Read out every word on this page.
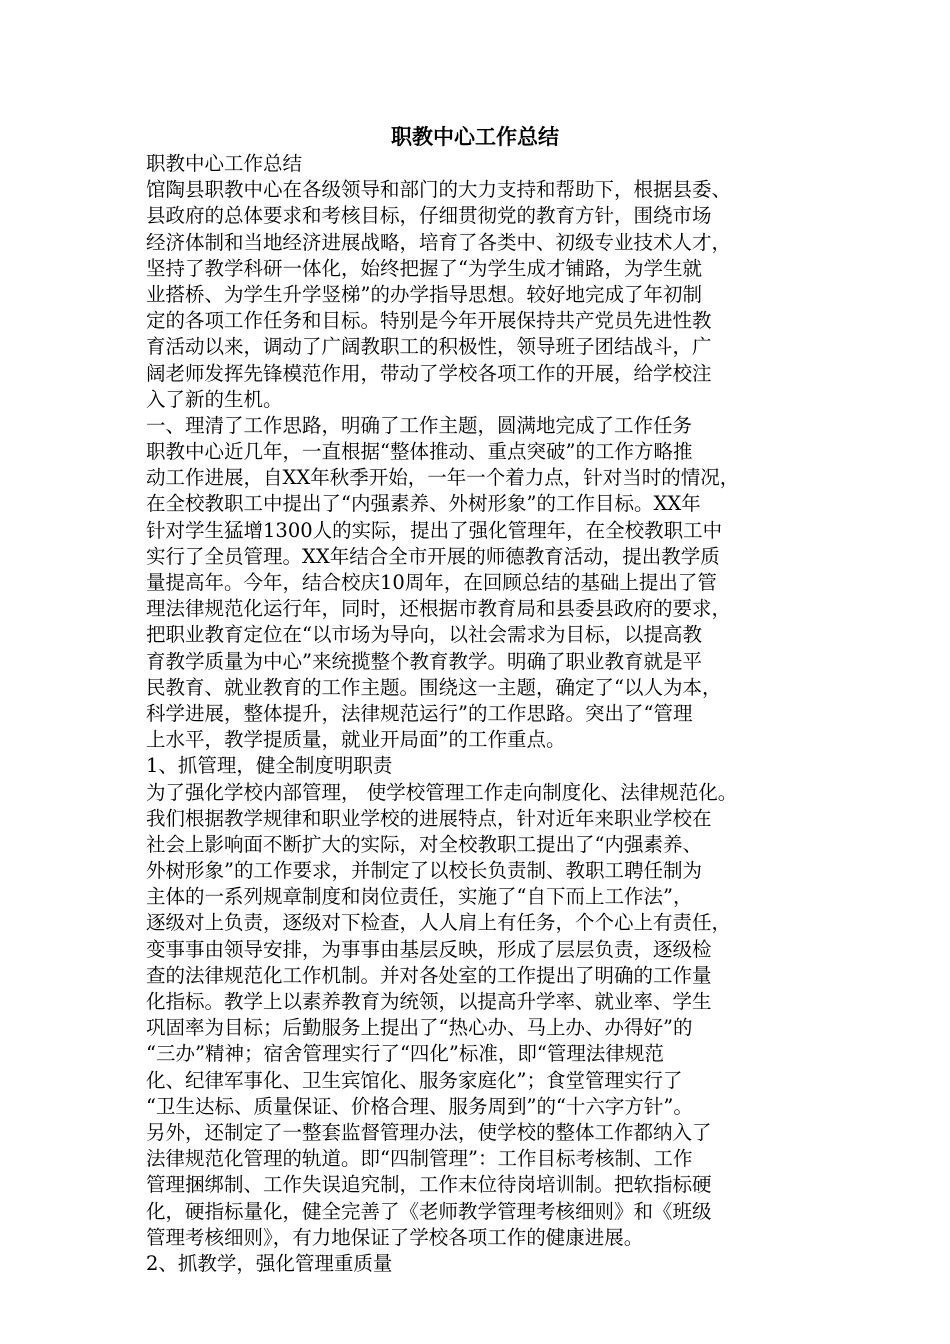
职教中心工作总结
职教中心工作总结
馆陶县职教中心在各级领导和部门的大力支持和帮助下，根据县委、
县政府的总体要求和考核目标，仔细贯彻党的教育方针，围绕市场
经济体制和当地经济进展战略，培育了各类中、初级专业技术人才，
坚持了教学科研一体化，始终把握了“为学生成才铺路，为学生就
业搭桥、为学生升学竖梯”的办学指导思想。较好地完成了年初制
定的各项工作任务和目标。特别是今年开展保持共产党员先进性教
育活动以来，调动了广阔教职工的积极性，领导班子团结战斗，广
阔老师发挥先锋模范作用，带动了学校各项工作的开展，给学校注
入了新的生机。
一、理清了工作思路，明确了工作主题，圆满地完成了工作任务
职教中心近几年，一直根据“整体推动、重点突破”的工作方略推
动工作进展，自XX年秋季开始，一年一个着力点，针对当时的情况，
在全校教职工中提出了“内强素养、外树形象”的工作目标。XX年
针对学生猛增1300人的实际，提出了强化管理年，在全校教职工中
实行了全员管理。XX年结合全市开展的师德教育活动，提出教学质
量提高年。今年，结合校庆10周年，在回顾总结的基础上提出了管
理法律规范化运行年，同时，还根据市教育局和县委县政府的要求，
把职业教育定位在“以市场为导向，以社会需求为目标，以提高教
育教学质量为中心”来统揽整个教育教学。明确了职业教育就是平
民教育、就业教育的工作主题。围绕这一主题，确定了“以人为本，
科学进展，整体提升，法律规范运行”的工作思路。突出了“管理
上水平，教学提质量，就业开局面”的工作重点。
1、抓管理，健全制度明职责
为了强化学校内部管理， 使学校管理工作走向制度化、法律规范化。
我们根据教学规律和职业学校的进展特点，针对近年来职业学校在
社会上影响面不断扩大的实际，对全校教职工提出了“内强素养、
外树形象”的工作要求，并制定了以校长负责制、教职工聘任制为
主体的一系列规章制度和岗位责任，实施了“自下而上工作法”，
逐级对上负责，逐级对下检查，人人肩上有任务，个个心上有责任，
变事事由领导安排，为事事由基层反映，形成了层层负责，逐级检
查的法律规范化工作机制。并对各处室的工作提出了明确的工作量
化指标。教学上以素养教育为统领，以提高升学率、就业率、学生
巩固率为目标；后勤服务上提出了“热心办、马上办、办得好”的
“三办”精神；宿舍管理实行了“四化”标准，即“管理法律规范
化、纪律军事化、卫生宾馆化、服务家庭化”；食堂管理实行了
“卫生达标、质量保证、价格合理、服务周到”的“十六字方针”。
另外，还制定了一整套监督管理办法，使学校的整体工作都纳入了
法律规范化管理的轨道。即“四制管理”：工作目标考核制、工作
管理捆绑制、工作失误追究制，工作末位待岗培训制。把软指标硬
化，硬指标量化，健全完善了《老师教学管理考核细则》和《班级
管理考核细则》，有力地保证了学校各项工作的健康进展。
2、抓教学，强化管理重质量
